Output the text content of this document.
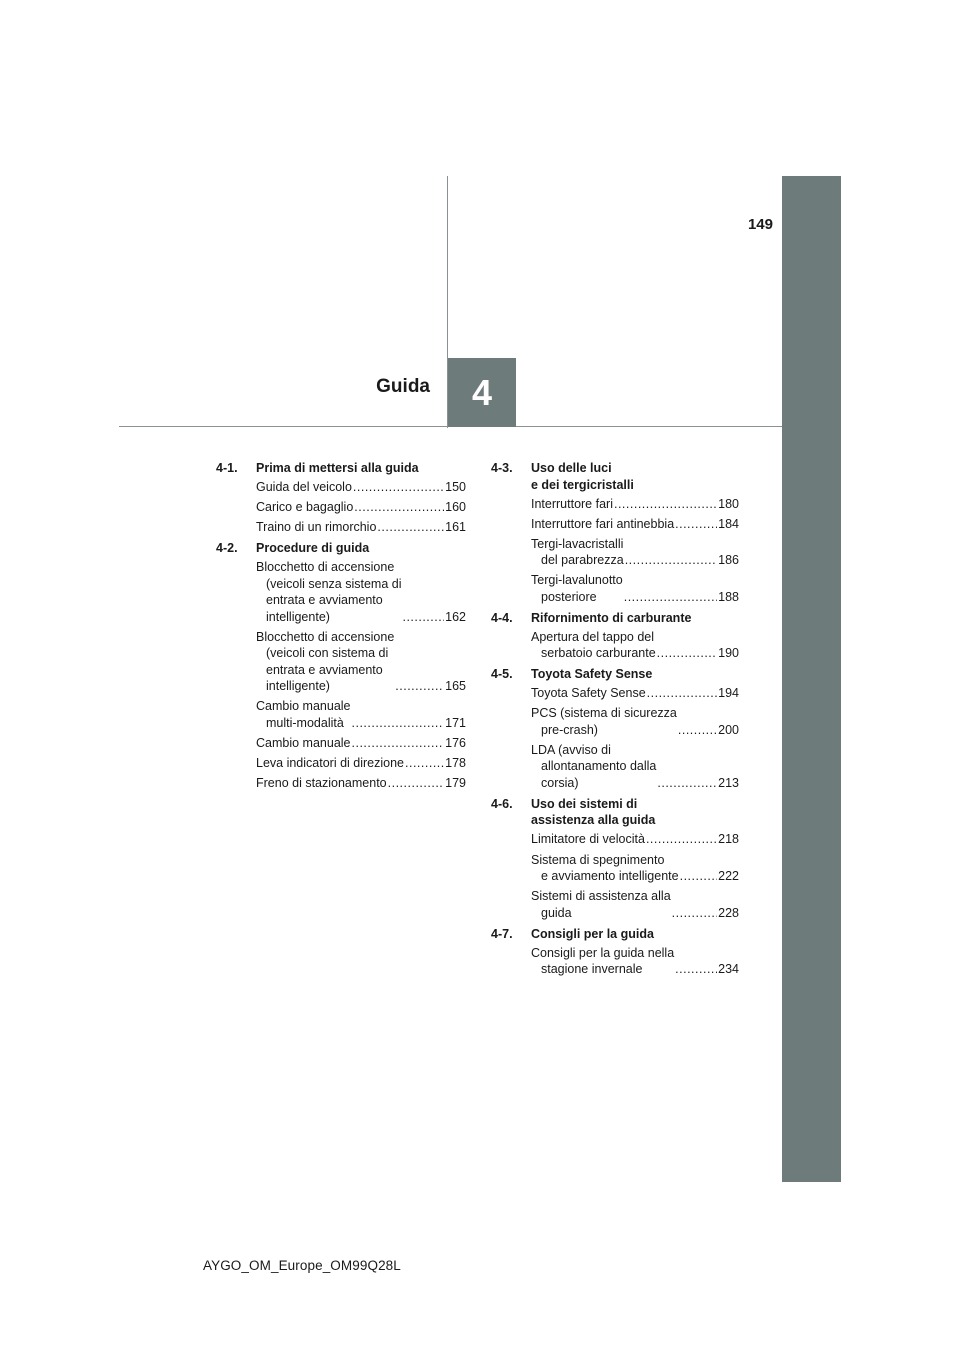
149
4
Guida
4-1.	Prima di mettersi alla guida
Guida del veicolo .....	150
Carico e bagaglio .....	160
Traino di un rimorchio .....	161
4-2.	Procedure di guida
Blocchetto di accensione
(veicoli senza sistema di
entrata e avviamento
intelligente) .....	162
Blocchetto di accensione
(veicoli con sistema di
entrata e avviamento
intelligente) .....	165
Cambio manuale
multi-modalità .....	171
Cambio manuale .....	176
Leva indicatori di direzione .....	178
Freno di stazionamento .....	179
4-3.	Uso delle luci
e dei tergicristalli
Interruttore fari .....	180
Interruttore fari antinebbia .....	184
Tergi-lavacristalli
del parabrezza .....	186
Tergi-lavalunotto
posteriore .....	188
4-4.	Rifornimento di carburante
Apertura del tappo del
serbatoio carburante .....	190
4-5.	Toyota Safety Sense
Toyota Safety Sense .....	194
PCS (sistema di sicurezza
pre-crash) .....	200
LDA (avviso di
allontanamento dalla
corsia) .....	213
4-6.	Uso dei sistemi di
assistenza alla guida
Limitatore di velocità .....	218
Sistema di spegnimento
e avviamento intelligente .....	222
Sistemi di assistenza alla
guida .....	228
4-7.	Consigli per la guida
Consigli per la guida nella
stagione invernale .....	234
AYGO_OM_Europe_OM99Q28L
